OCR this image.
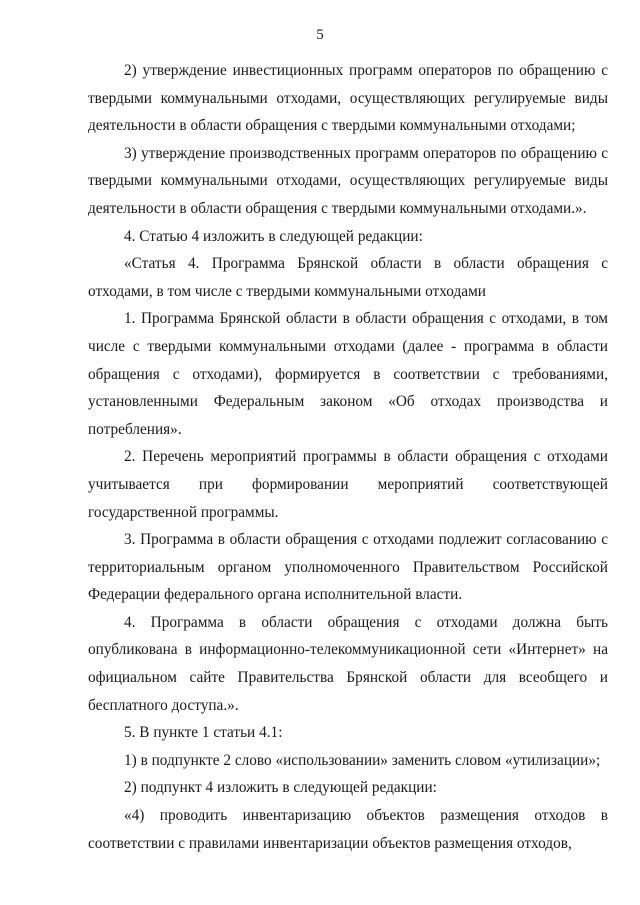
5

2) утверждение инвестиционных программ операторов по обращению с твердыми коммунальными отходами, осуществляющих регулируемые виды деятельности в области обращения с твердыми коммунальными отходами;

3) утверждение производственных программ операторов по обращению с твердыми коммунальными отходами, осуществляющих регулируемые виды деятельности в области обращения с твердыми коммунальными отходами.».

4. Статью 4 изложить в следующей редакции:

«Статья 4. Программа Брянской области в области обращения с отходами, в том числе с твердыми коммунальными отходами

1. Программа Брянской области в области обращения с отходами, в том числе с твердыми коммунальными отходами (далее - программа в области обращения с отходами), формируется в соответствии с требованиями, установленными Федеральным законом «Об отходах производства и потребления».

2. Перечень мероприятий программы в области обращения с отходами учитывается при формировании мероприятий соответствующей государственной программы.

3. Программа в области обращения с отходами подлежит согласованию с территориальным органом уполномоченного Правительством Российской Федерации федерального органа исполнительной власти.

4. Программа в области обращения с отходами должна быть опубликована в информационно-телекоммуникационной сети «Интернет» на официальном сайте Правительства Брянской области для всеобщего и бесплатного доступа.».

5. В пункте 1 статьи 4.1:

1) в подпункте 2 слово «использовании» заменить словом «утилизации»;

2) подпункт 4 изложить в следующей редакции:

«4) проводить инвентаризацию объектов размещения отходов в соответствии с правилами инвентаризации объектов размещения отходов,
